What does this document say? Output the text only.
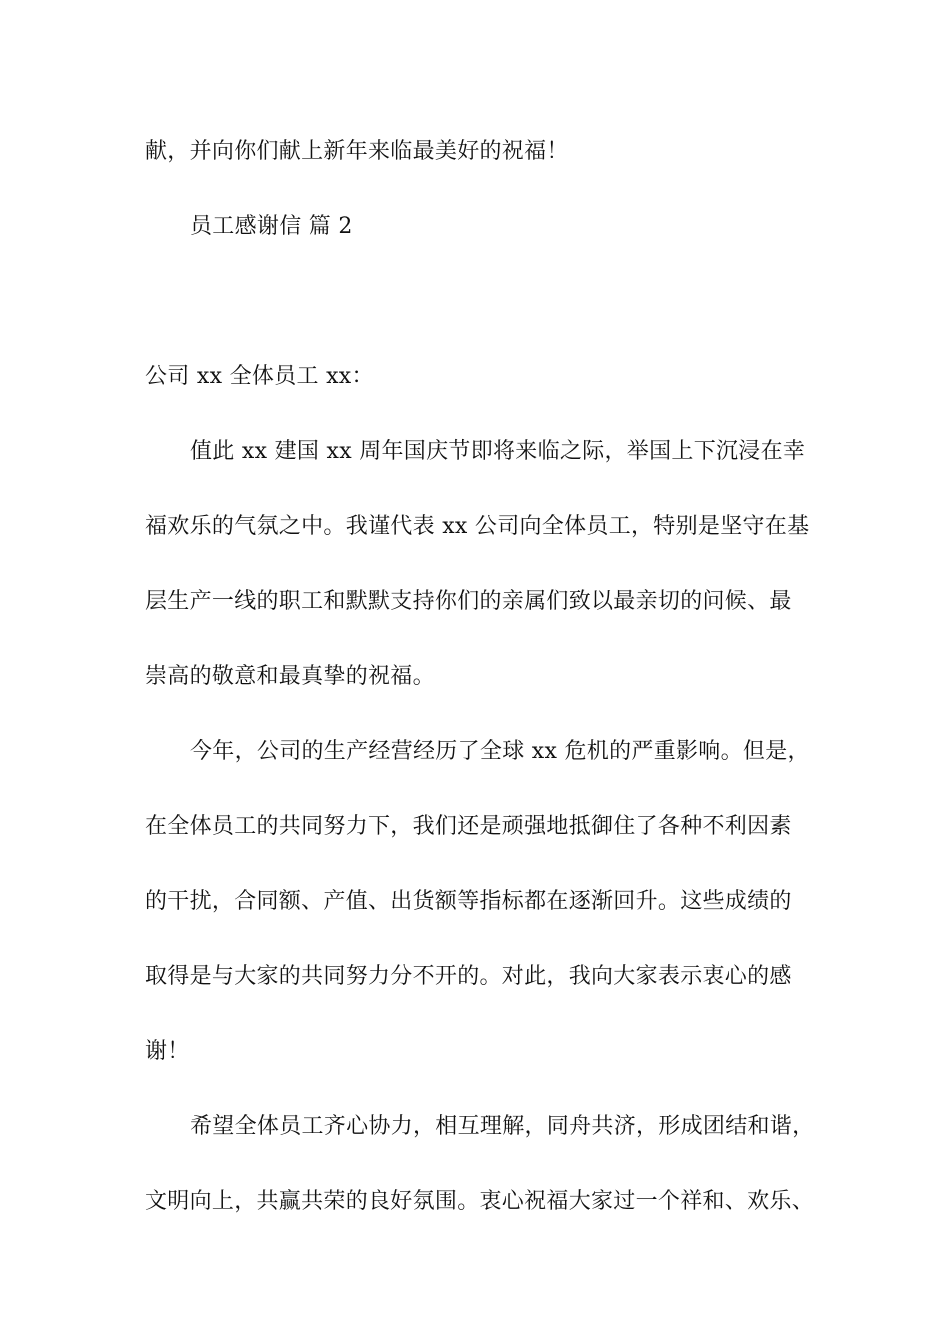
献，并向你们献上新年来临最美好的祝福！
员工感谢信 篇 2
公司 xx 全体员工 xx：
值此 xx 建国 xx 周年国庆节即将来临之际，举国上下沉浸在幸
福欢乐的气氛之中。我谨代表 xx 公司向全体员工，特别是坚守在基
层生产一线的职工和默默支持你们的亲属们致以最亲切的问候、最
崇高的敬意和最真挚的祝福。
今年，公司的生产经营经历了全球 xx 危机的严重影响。但是，
在全体员工的共同努力下，我们还是顽强地抵御住了各种不利因素
的干扰，合同额、产值、出货额等指标都在逐渐回升。这些成绩的
取得是与大家的共同努力分不开的。对此，我向大家表示衷心的感
谢！
希望全体员工齐心协力，相互理解，同舟共济，形成团结和谐，
文明向上，共赢共荣的良好氛围。衷心祝福大家过一个祥和、欢乐、
